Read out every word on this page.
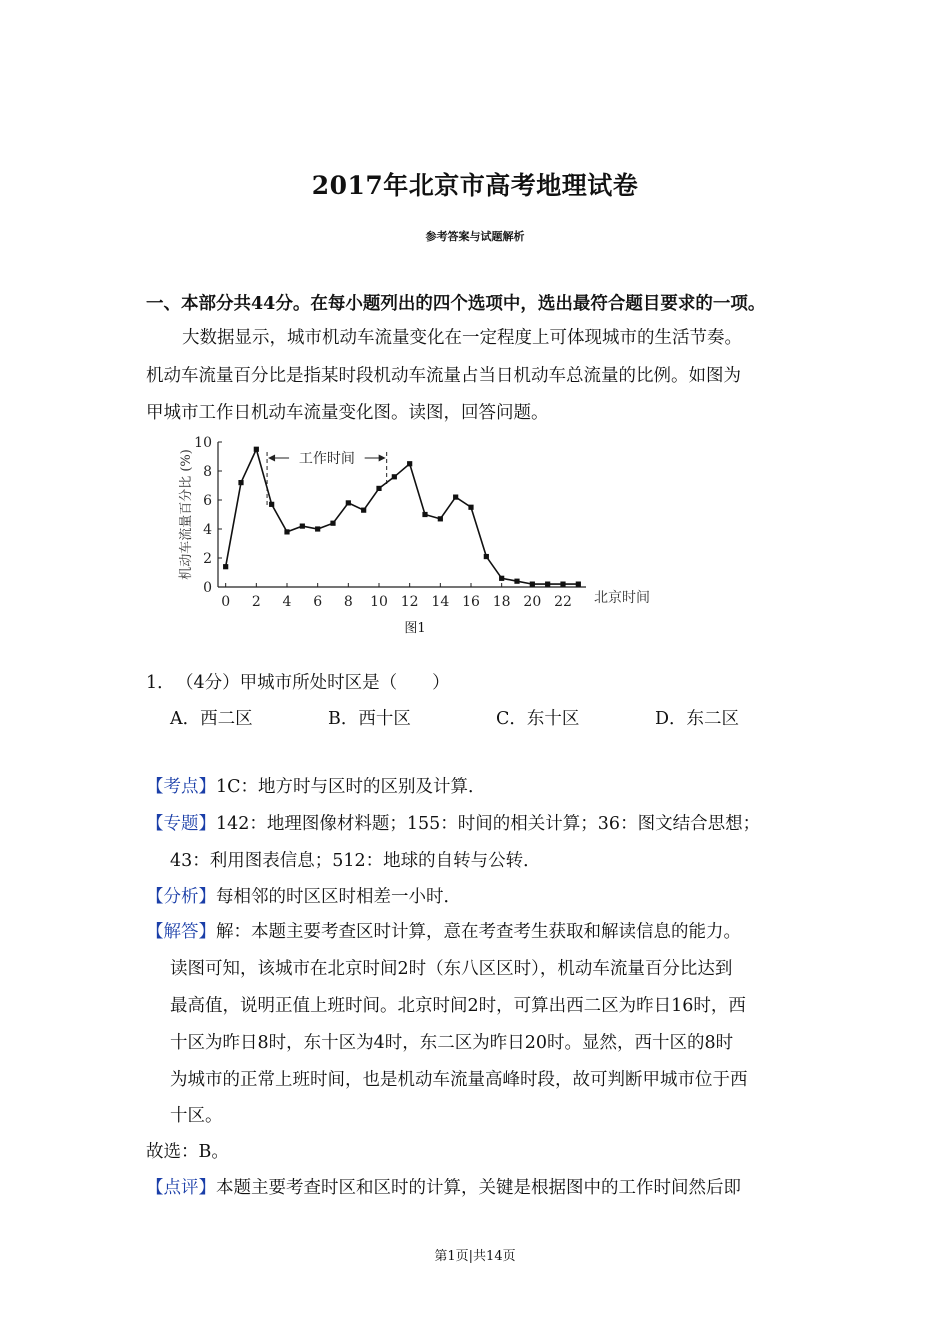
2017年北京市高考地理试卷
参考答案与试题解析
一、本部分共44分。在每小题列出的四个选项中，选出最符合题目要求的一项。
大数据显示，城市机动车流量变化在一定程度上可体现城市的生活节奏。
机动车流量百分比是指某时段机动车流量占当日机动车总流量的比例。如图为
甲城市工作日机动车流量变化图。读图，回答问题。
0
2
4
6
8
10
0 2 4 6 8 10 12 14 16 18 20 22 北京时间
机动车流量百分比 (%)	工作时间
图1
1． （4分）甲城市所处时区是（　　）
A．西二区	B．西十区	C．东十区	D．东二区
【考点】1C：地方时与区时的区别及计算．
【专题】142：地理图像材料题；155：时间的相关计算；36：图文结合思想；
43：利用图表信息；512：地球的自转与公转．
【分析】每相邻的时区区时相差一小时．
【解答】解：本题主要考查区时计算，意在考查考生获取和解读信息的能力。
读图可知，该城市在北京时间2时（东八区区时），机动车流量百分比达到
最高值，说明正值上班时间。北京时间2时，可算出西二区为昨日16时，西
十区为昨日8时，东十区为4时，东二区为昨日20时。显然，西十区的8时
为城市的正常上班时间，也是机动车流量高峰时段，故可判断甲城市位于西
十区。
故选：B。
【点评】本题主要考查时区和区时的计算，关键是根据图中的工作时间然后即
第1页|共14页
